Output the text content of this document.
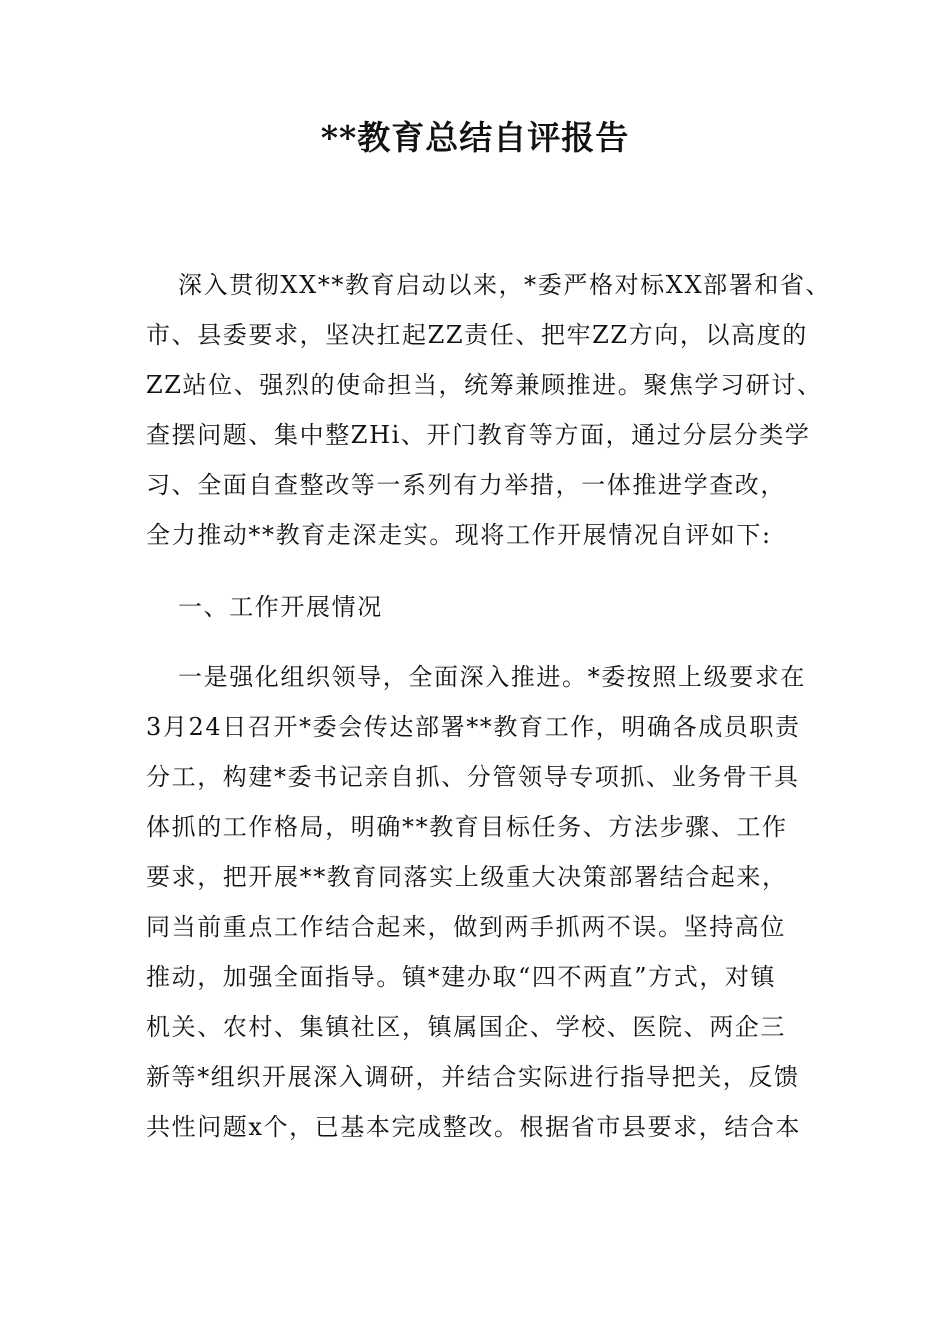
**教育总结自评报告
深入贯彻XX**教育启动以来，*委严格对标XX部署和省、
市、县委要求，坚决扛起ZZ责任、把牢ZZ方向，以高度的
ZZ站位、强烈的使命担当，统筹兼顾推进。聚焦学习研讨、
查摆问题、集中整ZHi、开门教育等方面，通过分层分类学
习、全面自查整改等一系列有力举措，一体推进学查改，
全力推动**教育走深走实。现将工作开展情况自评如下:
一、工作开展情况
一是强化组织领导，全面深入推进。*委按照上级要求在
3月24日召开*委会传达部署**教育工作，明确各成员职责
分工，构建*委书记亲自抓、分管领导专项抓、业务骨干具
体抓的工作格局，明确**教育目标任务、方法步骤、工作
要求，把开展**教育同落实上级重大决策部署结合起来，
同当前重点工作结合起来，做到两手抓两不误。坚持高位
推动，加强全面指导。镇*建办取“四不两直”方式，对镇
机关、农村、集镇社区，镇属国企、学校、医院、两企三
新等*组织开展深入调研，并结合实际进行指导把关，反馈
共性问题x个，已基本完成整改。根据省市县要求，结合本
